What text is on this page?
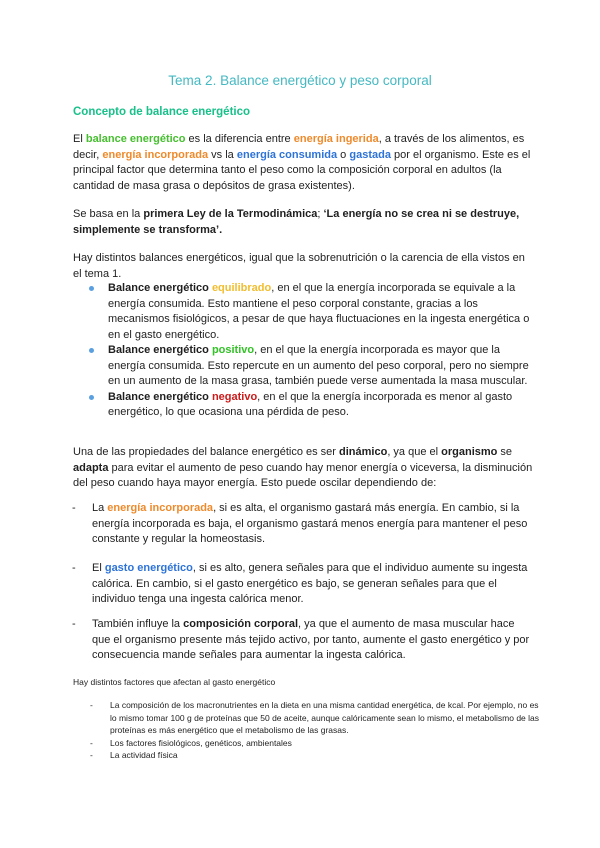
Tema 2. Balance energético y peso corporal
Concepto de balance energético
El balance energético es la diferencia entre energía ingerida, a través de los alimentos, es decir, energía incorporada vs la energía consumida o gastada por el organismo. Este es el principal factor que determina tanto el peso como la composición corporal en adultos (la cantidad de masa grasa o depósitos de grasa existentes).
Se basa en la primera Ley de la Termodinámica; ‘La energía no se crea ni se destruye, simplemente se transforma’.
Hay distintos balances energéticos, igual que la sobrenutrición o la carencia de ella vistos en el tema 1.
Balance energético equilibrado, en el que la energía incorporada se equivale a la energía consumida. Esto mantiene el peso corporal constante, gracias a los mecanismos fisiológicos, a pesar de que haya fluctuaciones en la ingesta energética o en el gasto energético.
Balance energético positivo, en el que la energía incorporada es mayor que la energía consumida. Esto repercute en un aumento del peso corporal, pero no siempre en un aumento de la masa grasa, también puede verse aumentada la masa muscular.
Balance energético negativo, en el que la energía incorporada es menor al gasto energético, lo que ocasiona una pérdida de peso.
Una de las propiedades del balance energético es ser dinámico, ya que el organismo se adapta para evitar el aumento de peso cuando hay menor energía o viceversa, la disminución del peso cuando haya mayor energía. Esto puede oscilar dependiendo de:
- La energía incorporada, si es alta, el organismo gastará más energía. En cambio, si la energía incorporada es baja, el organismo gastará menos energía para mantener el peso constante y regular la homeostasis.
- El gasto energético, si es alto, genera señales para que el individuo aumente su ingesta calórica. En cambio, si el gasto energético es bajo, se generan señales para que el individuo tenga una ingesta calórica menor.
- También influye la composición corporal, ya que el aumento de masa muscular hace que el organismo presente más tejido activo, por tanto, aumente el gasto energético y por consecuencia mande señales para aumentar la ingesta calórica.
Hay distintos factores que afectan al gasto energético
- La composición de los macronutrientes en la dieta en una misma cantidad energética, de kcal. Por ejemplo, no es lo mismo tomar 100 g de proteínas que 50 de aceite, aunque calóricamente sean lo mismo, el metabolismo de las proteínas es más energético que el metabolismo de las grasas.
- Los factores fisiológicos, genéticos, ambientales
- La actividad física
